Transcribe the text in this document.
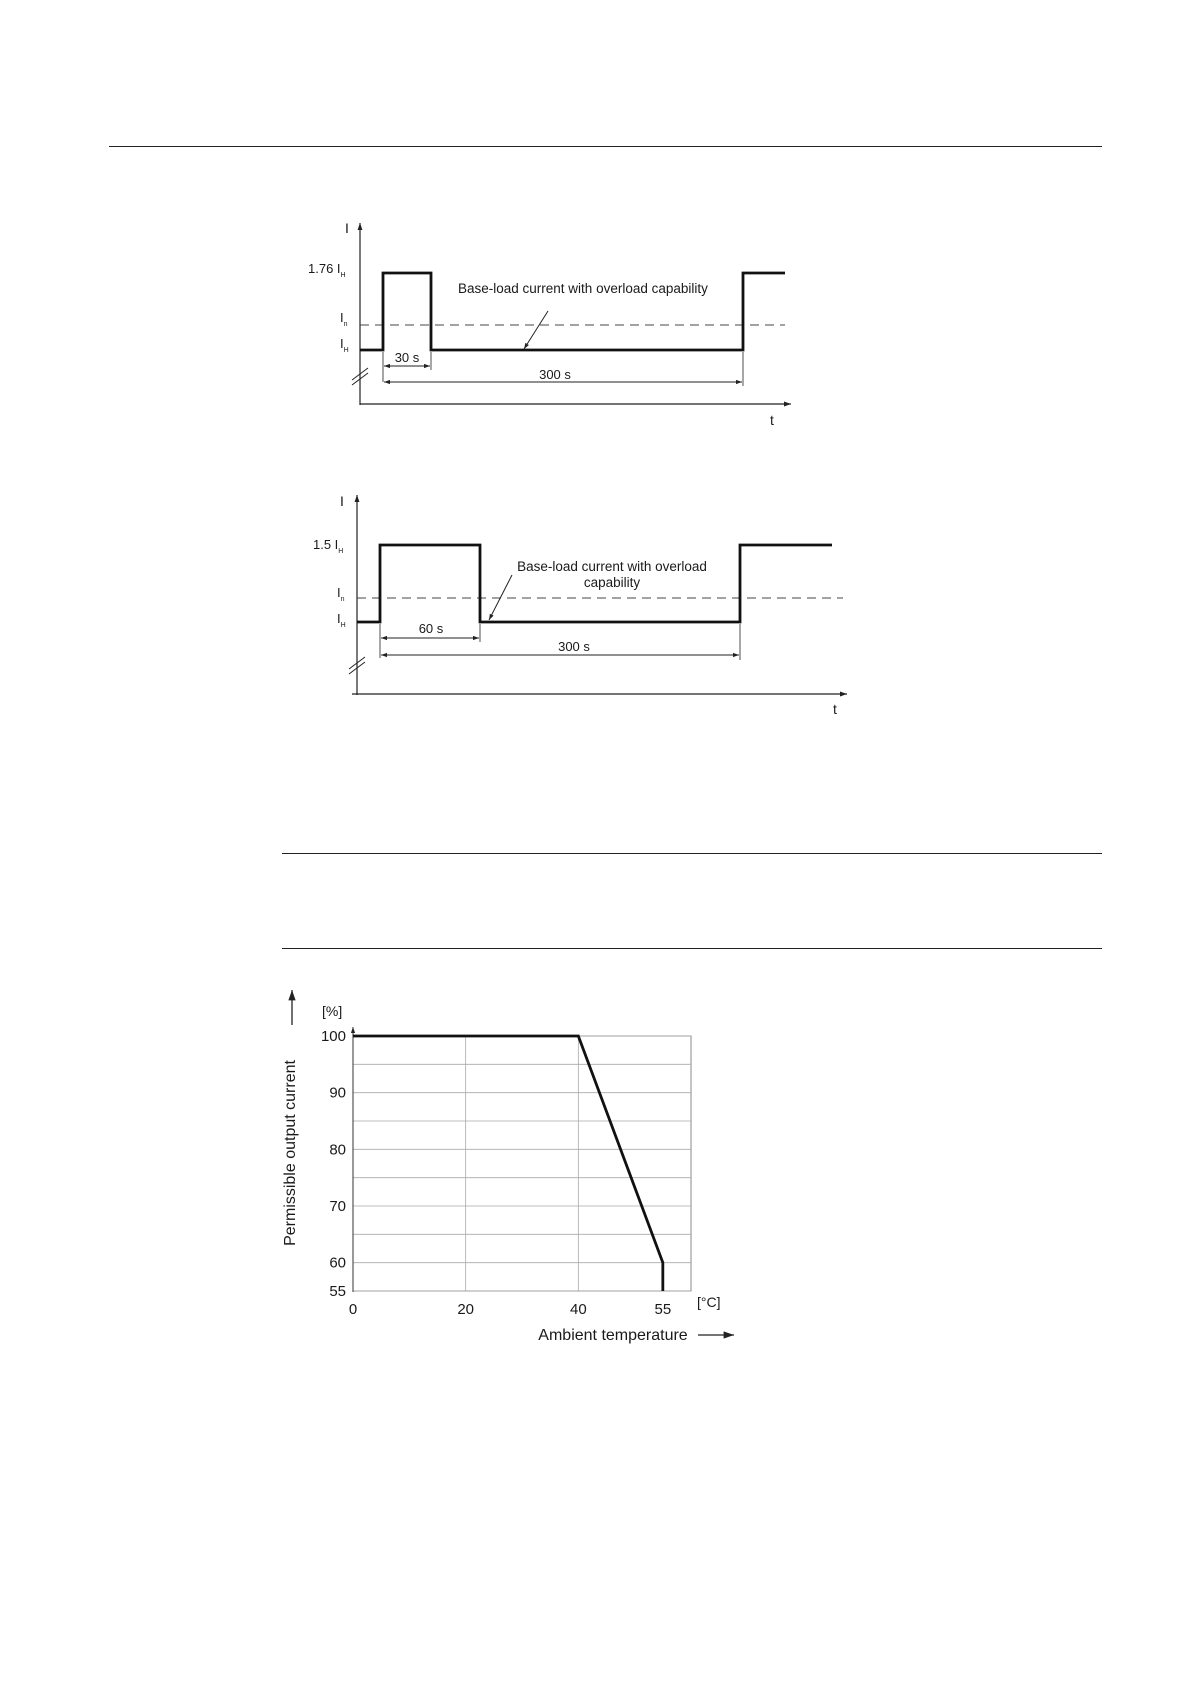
I
t
1.76 $I_H$
$I_n$
$I_H$
Base-load current with overload capability
30 s
300 s
I
t
1.5 $I_H$
$I_n$
$I_H$
Base-load current with overload
capability
60 s
300 s
55
60
70
80
90
100
0	20	40	55
[%]
[°C]
Permissible output current
Ambient temperature
